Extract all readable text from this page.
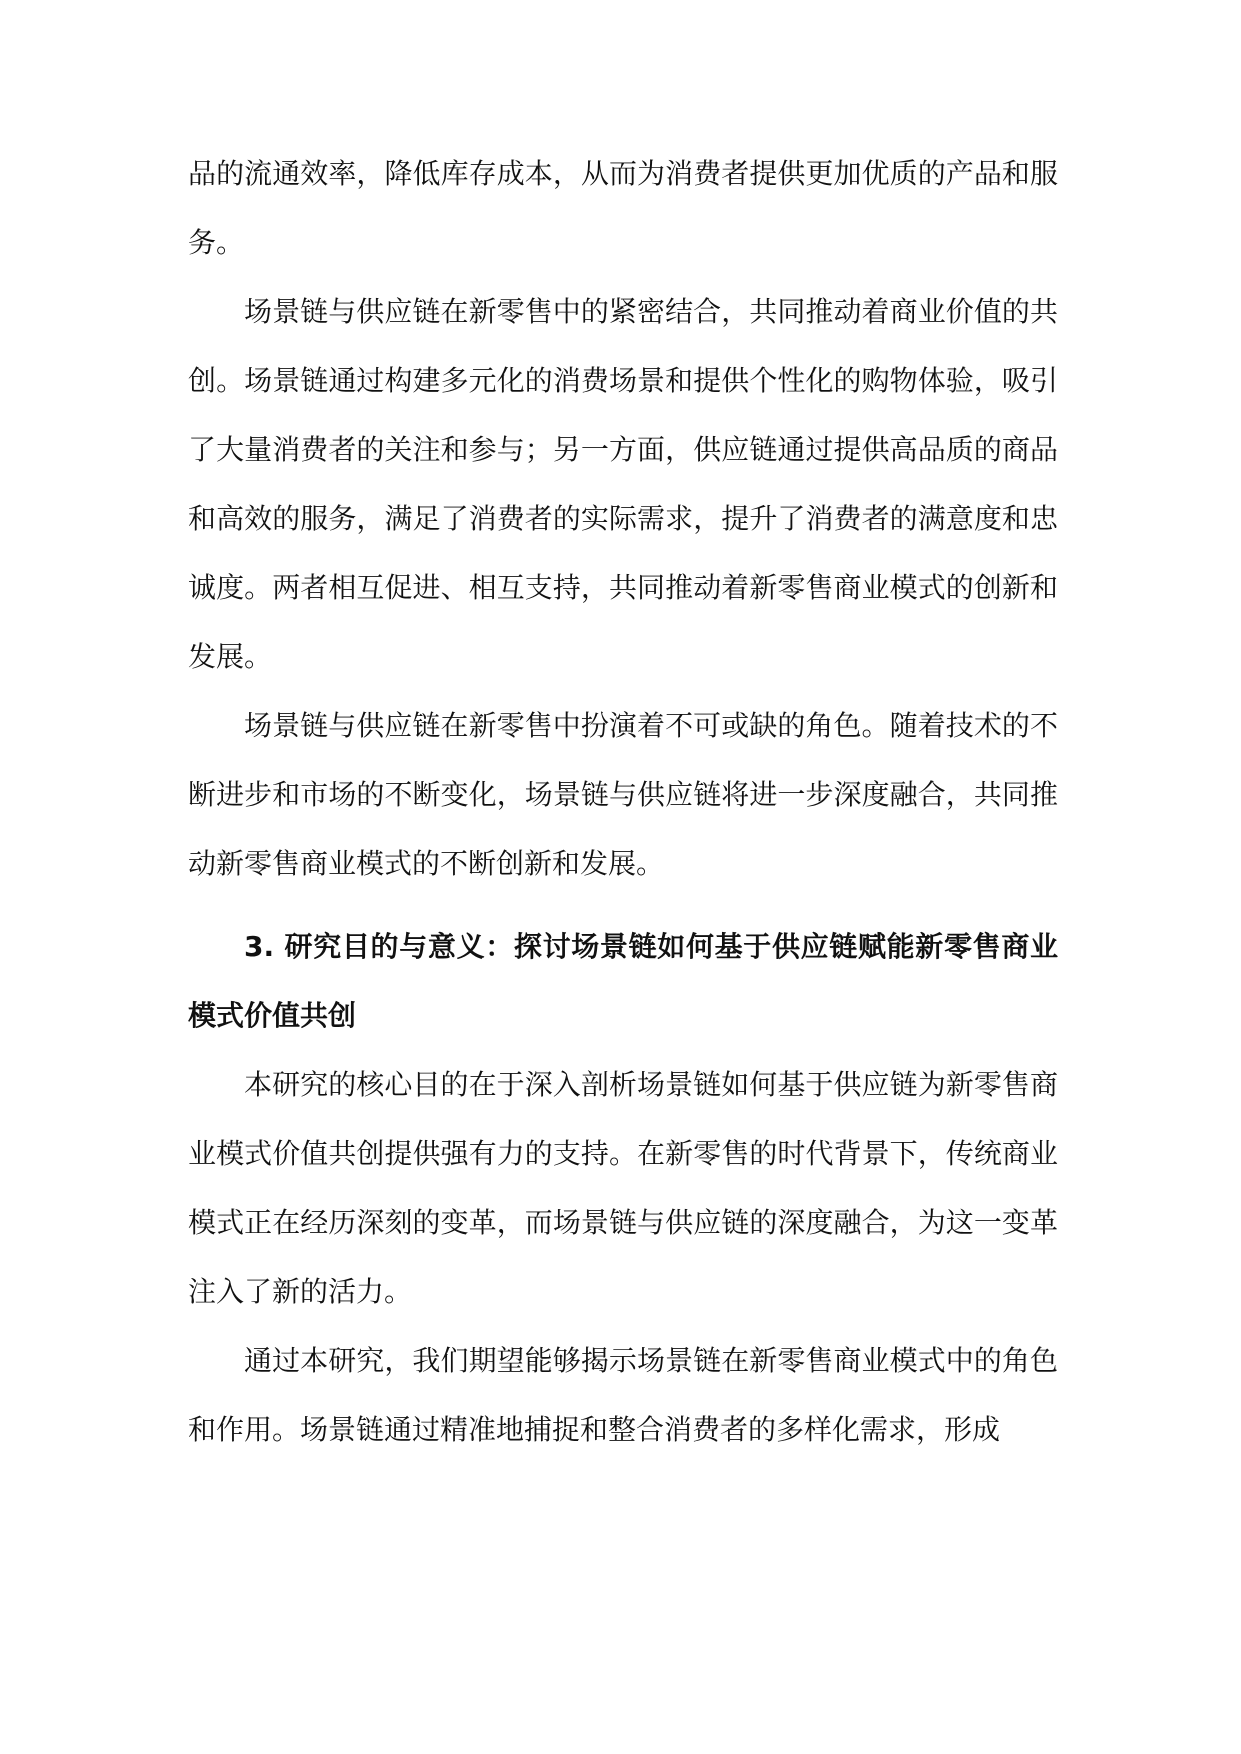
品的流通效率，降低库存成本，从而为消费者提供更加优质的产品和服务。

场景链与供应链在新零售中的紧密结合，共同推动着商业价值的共创。场景链通过构建多元化的消费场景和提供个性化的购物体验，吸引了大量消费者的关注和参与；另一方面，供应链通过提供高品质的商品和高效的服务，满足了消费者的实际需求，提升了消费者的满意度和忠诚度。两者相互促进、相互支持，共同推动着新零售商业模式的创新和发展。

场景链与供应链在新零售中扮演着不可或缺的角色。随着技术的不断进步和市场的不断变化，场景链与供应链将进一步深度融合，共同推动新零售商业模式的不断创新和发展。

3. 研究目的与意义：探讨场景链如何基于供应链赋能新零售商业模式价值共创

本研究的核心目的在于深入剖析场景链如何基于供应链为新零售商业模式价值共创提供强有力的支持。在新零售的时代背景下，传统商业模式正在经历深刻的变革，而场景链与供应链的深度融合，为这一变革注入了新的活力。

通过本研究，我们期望能够揭示场景链在新零售商业模式中的角色和作用。场景链通过精准地捕捉和整合消费者的多样化需求，形成
